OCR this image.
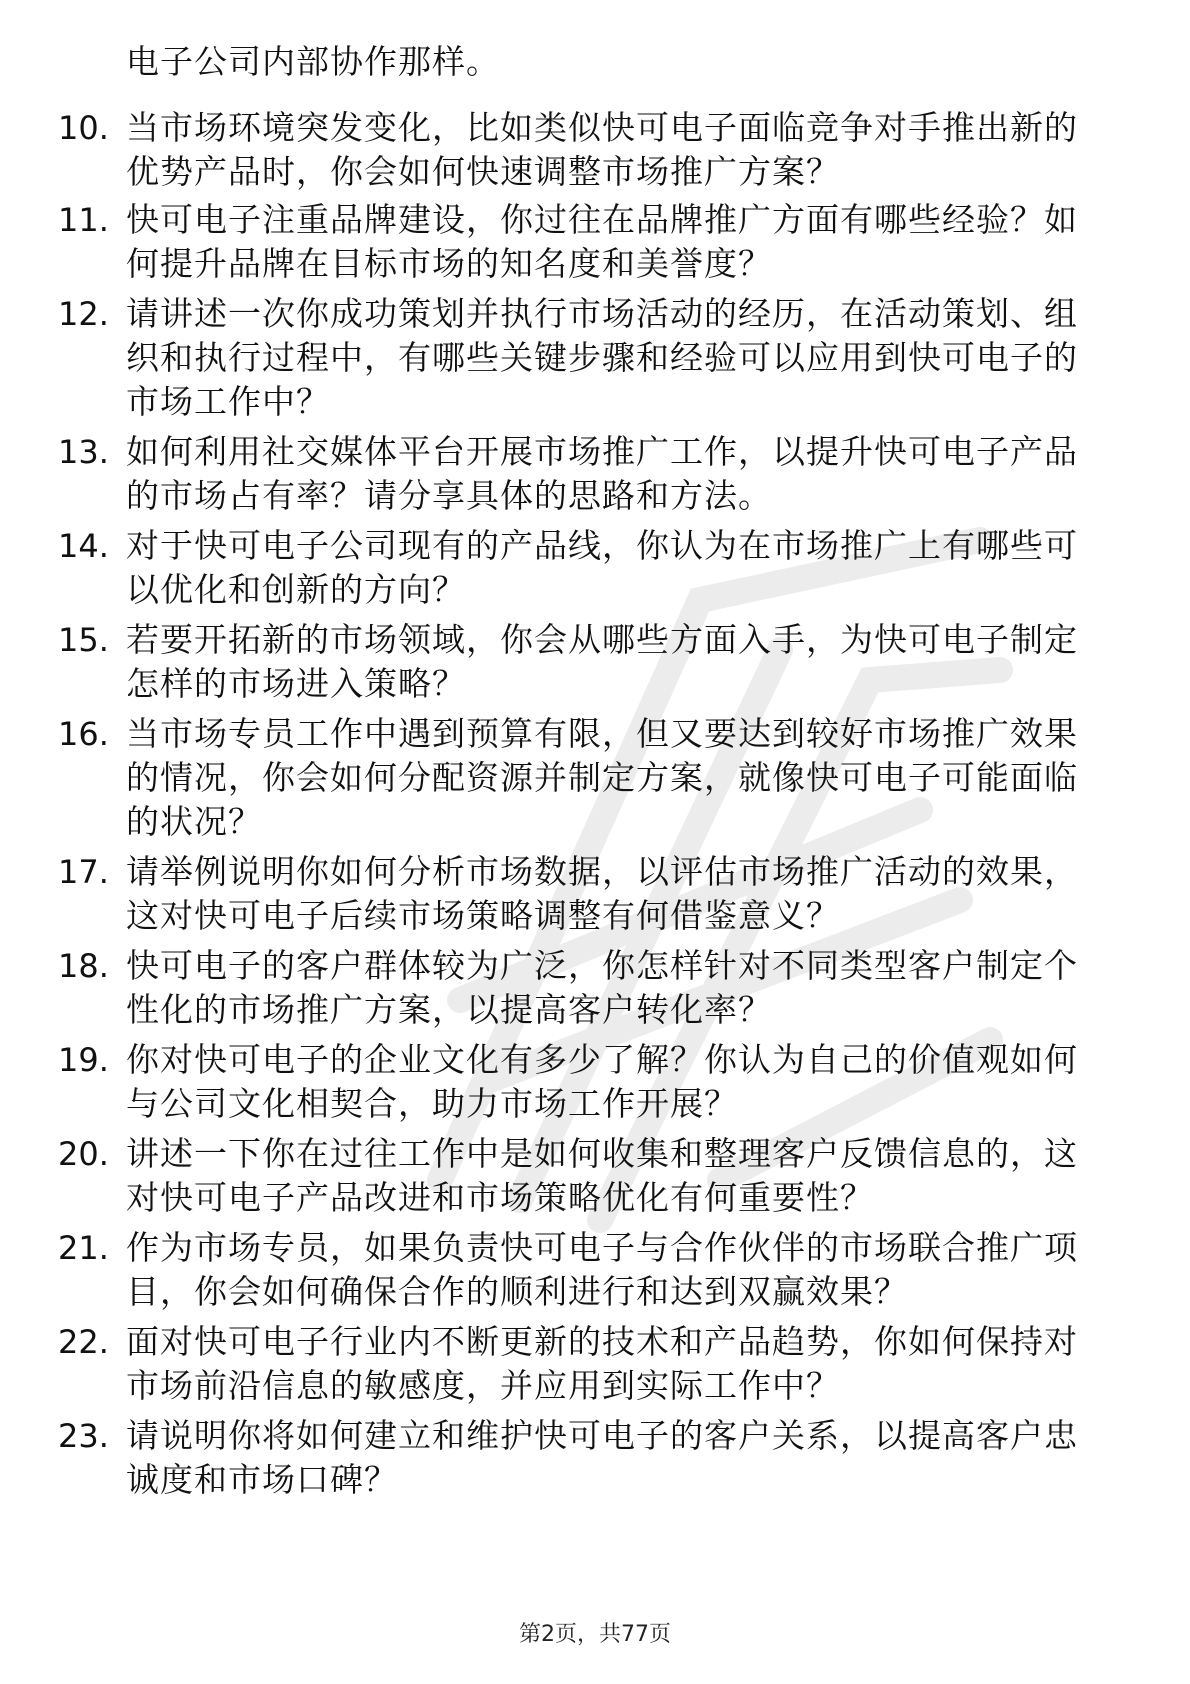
电子公司内部协作那样。
10. 当市场环境突发变化，比如类似快可电子面临竞争对手推出新的
优势产品时，你会如何快速调整市场推广方案？
11. 快可电子注重品牌建设，你过往在品牌推广方面有哪些经验？如
何提升品牌在目标市场的知名度和美誉度？
12. 请讲述一次你成功策划并执行市场活动的经历，在活动策划、组
织和执行过程中，有哪些关键步骤和经验可以应用到快可电子的
市场工作中？
13. 如何利用社交媒体平台开展市场推广工作，以提升快可电子产品
的市场占有率？请分享具体的思路和方法。
14. 对于快可电子公司现有的产品线，你认为在市场推广上有哪些可
以优化和创新的方向？
15. 若要开拓新的市场领域，你会从哪些方面入手，为快可电子制定
怎样的市场进入策略？
16. 当市场专员工作中遇到预算有限，但又要达到较好市场推广效果
的情况，你会如何分配资源并制定方案，就像快可电子可能面临
的状况？
17. 请举例说明你如何分析市场数据，以评估市场推广活动的效果，
这对快可电子后续市场策略调整有何借鉴意义？
18. 快可电子的客户群体较为广泛，你怎样针对不同类型客户制定个
性化的市场推广方案，以提高客户转化率？
19. 你对快可电子的企业文化有多少了解？你认为自己的价值观如何
与公司文化相契合，助力市场工作开展？
20. 讲述一下你在过往工作中是如何收集和整理客户反馈信息的，这
对快可电子产品改进和市场策略优化有何重要性？
21. 作为市场专员，如果负责快可电子与合作伙伴的市场联合推广项
目，你会如何确保合作的顺利进行和达到双赢效果？
22. 面对快可电子行业内不断更新的技术和产品趋势，你如何保持对
市场前沿信息的敏感度，并应用到实际工作中？
23. 请说明你将如何建立和维护快可电子的客户关系，以提高客户忠
诚度和市场口碑？
第2页，共77页
